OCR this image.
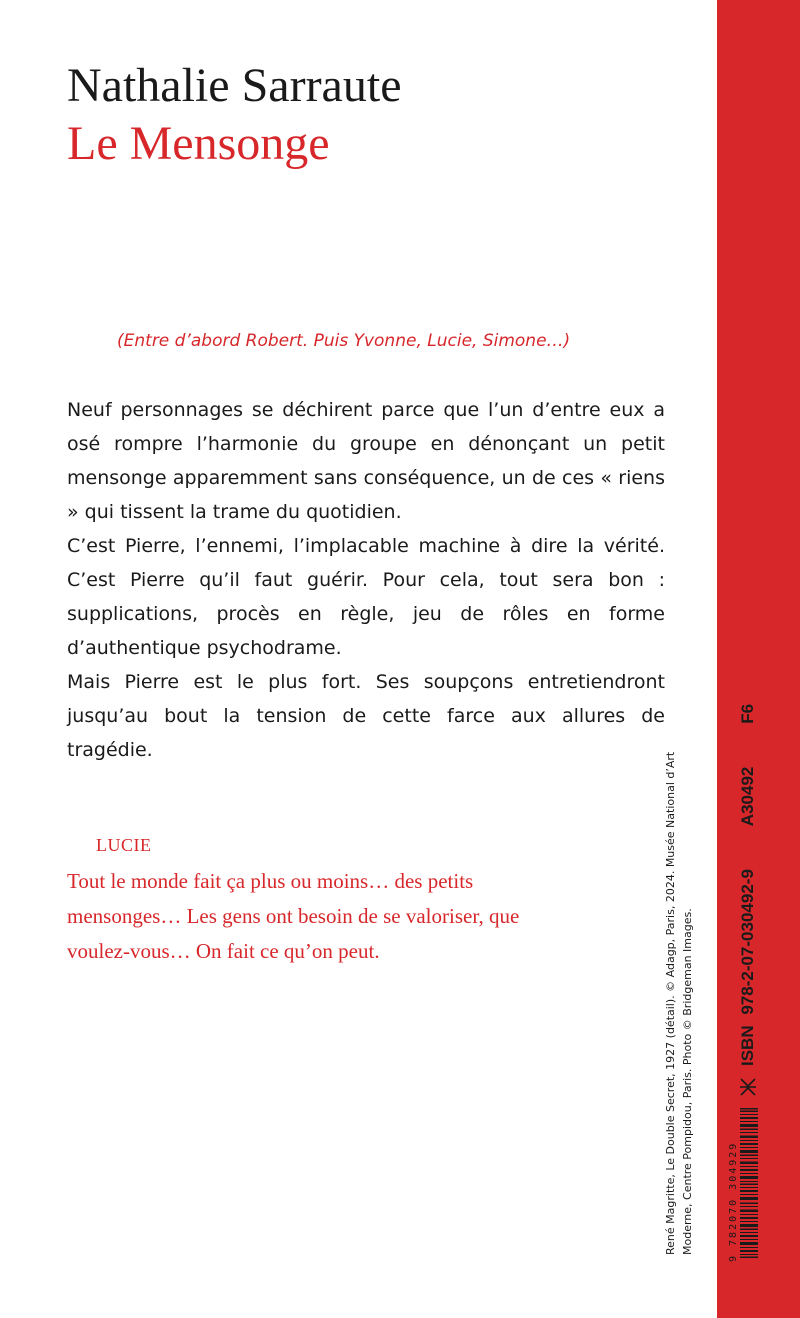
Nathalie Sarraute
Le Mensonge
(Entre d’abord Robert. Puis Yvonne, Lucie, Simone…)

Neuf personnages se déchirent parce que l’un d’entre eux a osé rompre l’harmonie du groupe en dénonçant un petit mensonge apparemment sans conséquence, un de ces « riens » qui tissent la trame du quotidien.

C’est Pierre, l’ennemi, l’implacable machine à dire la vérité. C’est Pierre qu’il faut guérir. Pour cela, tout sera bon : supplications, procès en règle, jeu de rôles en forme d’authentique psychodrame.

Mais Pierre est le plus fort. Ses soupçons entretiendront jusqu’au bout la tension de cette farce aux allures de tragédie.

LUCIE

Tout le monde fait ça plus ou moins… des petits mensonges… Les gens ont besoin de se valoriser, que voulez-vous… On fait ce qu’on peut.	René Magritte, Le Double Secret, 1927 (détail). © Adagp, Paris, 2024. Musée National d’Art Moderne, Centre Pompidou, Paris. Photo © Bridgeman Images.	9 782070 304929
ISBN 978-2-07-030492-9    A30492    F6
